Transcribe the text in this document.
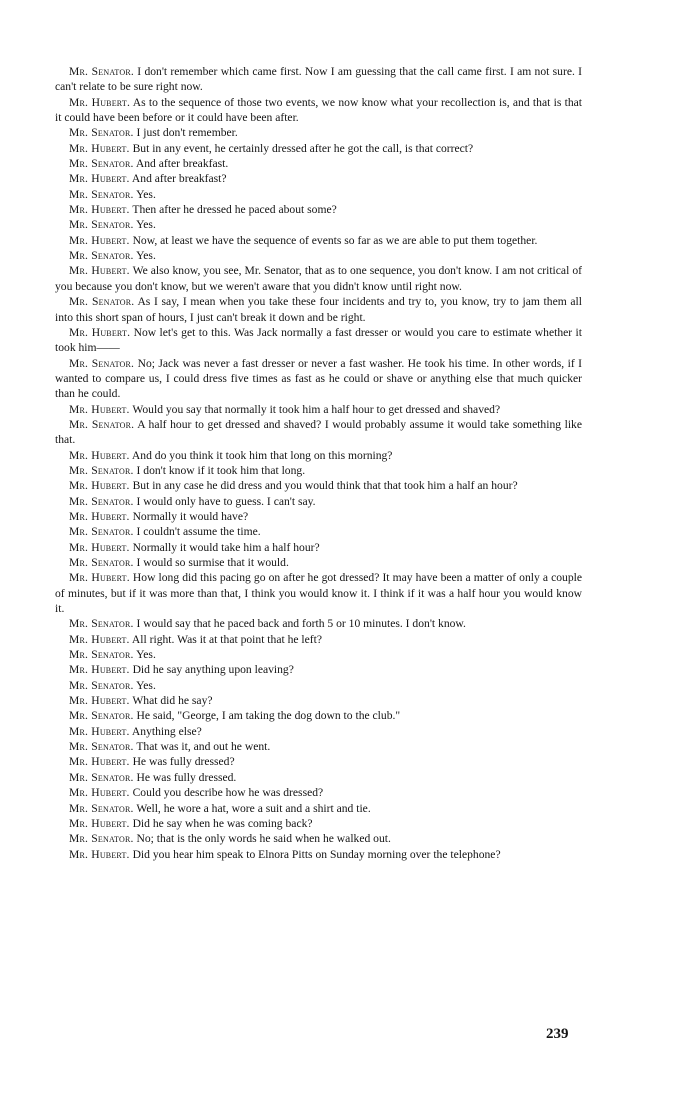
Mr. Senator. I don't remember which came first. Now I am guessing that the call came first. I am not sure. I can't relate to be sure right now.

Mr. Hubert. As to the sequence of those two events, we now know what your recollection is, and that is that it could have been before or it could have been after.

Mr. Senator. I just don't remember.

Mr. Hubert. But in any event, he certainly dressed after he got the call, is that correct?

Mr. Senator. And after breakfast.

Mr. Hubert. And after breakfast?

Mr. Senator. Yes.

Mr. Hubert. Then after he dressed he paced about some?

Mr. Senator. Yes.

Mr. Hubert. Now, at least we have the sequence of events so far as we are able to put them together.

Mr. Senator. Yes.

Mr. Hubert. We also know, you see, Mr. Senator, that as to one sequence, you don't know. I am not critical of you because you don't know, but we weren't aware that you didn't know until right now.

Mr. Senator. As I say, I mean when you take these four incidents and try to, you know, try to jam them all into this short span of hours, I just can't break it down and be right.

Mr. Hubert. Now let's get to this. Was Jack normally a fast dresser or would you care to estimate whether it took him——

Mr. Senator. No; Jack was never a fast dresser or never a fast washer. He took his time. In other words, if I wanted to compare us, I could dress five times as fast as he could or shave or anything else that much quicker than he could.

Mr. Hubert. Would you say that normally it took him a half hour to get dressed and shaved?

Mr. Senator. A half hour to get dressed and shaved? I would probably assume it would take something like that.

Mr. Hubert. And do you think it took him that long on this morning?

Mr. Senator. I don't know if it took him that long.

Mr. Hubert. But in any case he did dress and you would think that that took him a half an hour?

Mr. Senator. I would only have to guess. I can't say.

Mr. Hubert. Normally it would have?

Mr. Senator. I couldn't assume the time.

Mr. Hubert. Normally it would take him a half hour?

Mr. Senator. I would so surmise that it would.

Mr. Hubert. How long did this pacing go on after he got dressed? It may have been a matter of only a couple of minutes, but if it was more than that, I think you would know it. I think if it was a half hour you would know it.

Mr. Senator. I would say that he paced back and forth 5 or 10 minutes. I don't know.

Mr. Hubert. All right. Was it at that point that he left?

Mr. Senator. Yes.

Mr. Hubert. Did he say anything upon leaving?

Mr. Senator. Yes.

Mr. Hubert. What did he say?

Mr. Senator. He said, "George, I am taking the dog down to the club."

Mr. Hubert. Anything else?

Mr. Senator. That was it, and out he went.

Mr. Hubert. He was fully dressed?

Mr. Senator. He was fully dressed.

Mr. Hubert. Could you describe how he was dressed?

Mr. Senator. Well, he wore a hat, wore a suit and a shirt and tie.

Mr. Hubert. Did he say when he was coming back?

Mr. Senator. No; that is the only words he said when he walked out.

Mr. Hubert. Did you hear him speak to Elnora Pitts on Sunday morning over the telephone?

239
